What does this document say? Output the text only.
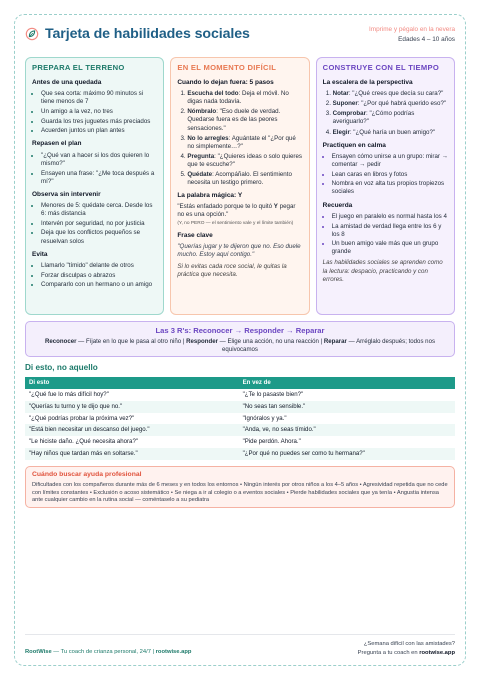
Tarjeta de habilidades sociales	Imprime y pégalo en la nevera
Edades 4 – 10 años
PREPARA EL TERRENO
Antes de una quedada
• Que sea corta: máximo 90 minutos si tiene menos de 7
• Un amigo a la vez, no tres
• Guarda los tres juguetes más preciados
• Acuerden juntos un plan antes
Repasen el plan
• "¿Qué van a hacer si los dos quieren lo mismo?"
• Ensayen una frase: "¿Me toca después a mí?"
Observa sin intervenir
• Menores de 5: quédate cerca. Desde los 6: más distancia
• Intervén por seguridad, no por justicia
• Deja que los conflictos pequeños se resuelvan solos
Evita
• Llamarlo "tímido" delante de otros
• Forzar disculpas o abrazos
• Compararlo con un hermano o un amigo
EN EL MOMENTO DIFÍCIL
Cuando lo dejan fuera: 5 pasos
1. Escucha del todo: Deja el móvil. No digas nada todavía.
2. Nómbralo: "Eso duele de verdad. Quedarse fuera es de las peores sensaciones."
3. No lo arregles: Aguántate el "¿Por qué no simplemente…?"
4. Pregunta: "¿Quieres ideas o solo quieres que te escuche?"
5. Quédate: Acompáñalo. El sentimiento necesita un testigo primero.
La palabra mágica: Y
"Estás enfadado porque te lo quitó Y pegar no es una opción."
(Y, no PERO — el sentimiento vale y el límite también)
Frase clave
"Querías jugar y te dijeron que no. Eso duele mucho. Estoy aquí contigo."
Si lo evitas cada roce social, le quitas la práctica que necesita.
CONSTRUYE CON EL TIEMPO
La escalera de la perspectiva
1. Notar: "¿Qué crees que decía su cara?"
2. Suponer: "¿Por qué habrá querido eso?"
3. Comprobar: "¿Cómo podrías averiguarlo?"
4. Elegir: "¿Qué haría un buen amigo?"
Practiquen en calma
• Ensayen cómo unirse a un grupo: mirar → comentar → pedir
• Lean caras en libros y fotos
• Nombra en voz alta tus propios tropiezos sociales
Recuerda
• El juego en paralelo es normal hasta los 4
• La amistad de verdad llega entre los 6 y los 8
• Un buen amigo vale más que un grupo grande
Las habilidades sociales se aprenden como la lectura: despacio, practicando y con errores.
Las 3 R's: Reconocer → Responder → Reparar
Reconocer — Fíjate en lo que le pasa al otro niño | Responder — Elige una acción, no una reacción | Reparar — Arréglalo después; todos nos equivocamos
Di esto, no aquello
Di esto	En vez de
"¿Qué fue lo más difícil hoy?"	"¿Te lo pasaste bien?"
"Querías tu turno y te dijo que no."	"No seas tan sensible."
"¿Qué podrías probar la próxima vez?"	"Ignóralos y ya."
"Está bien necesitar un descanso del juego."	"Anda, ve, no seas tímido."
"Le hiciste daño. ¿Qué necesita ahora?"	"Pide perdón. Ahora."
"Hay niños que tardan más en soltarse."	"¿Por qué no puedes ser como tu hermana?"
Cuándo buscar ayuda profesional
Dificultades con los compañeros durante más de 6 meses y en todos los entornos • Ningún interés por otros niños a los 4–5 años • Agresividad repetida que no cede con límites constantes • Exclusión o acoso sistemático • Se niega a ir al colegio o a eventos sociales • Pierde habilidades sociales que ya tenía • Angustia intensa ante cualquier cambio en la rutina social — coméntaselo a su pediatra
RootWise — Tu coach de crianza personal, 24/7 | rootwise.app
¿Semana difícil con las amistades?
Pregunta a tu coach en rootwise.app
